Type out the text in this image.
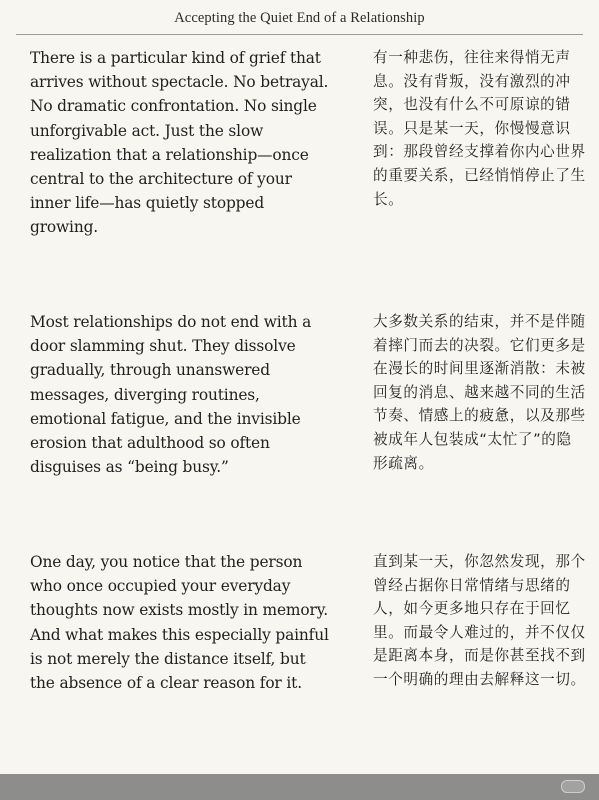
Accepting the Quiet End of a Relationship

There is a particular kind of grief that arrives without spectacle. No betrayal. No dramatic confrontation. No single unforgivable act. Just the slow realization that a relationship—once central to the architecture of your inner life—has quietly stopped growing.

有一种悲伤，往往来得悄无声息。没有背叛，没有激烈的冲突，也没有什么不可原谅的错误。只是某一天，你慢慢意识到：那段曾经支撑着你内心世界的重要关系，已经悄悄停止了生长。

Most relationships do not end with a door slamming shut. They dissolve gradually, through unanswered messages, diverging routines, emotional fatigue, and the invisible erosion that adulthood so often disguises as “being busy.”

大多数关系的结束，并不是伴随着摔门而去的决裂。它们更多是在漫长的时间里逐渐消散：未被回复的消息、越来越不同的生活节奏、情感上的疲惫，以及那些被成年人包装成“太忙了”的隐形疏离。

One day, you notice that the person who once occupied your everyday thoughts now exists mostly in memory. And what makes this especially painful is not merely the distance itself, but the absence of a clear reason for it.

直到某一天，你忽然发现，那个曾经占据你日常情绪与思绪的人，如今更多地只存在于回忆里。而最令人难过的，并不仅仅是距离本身，而是你甚至找不到一个明确的理由去解释这一切。
